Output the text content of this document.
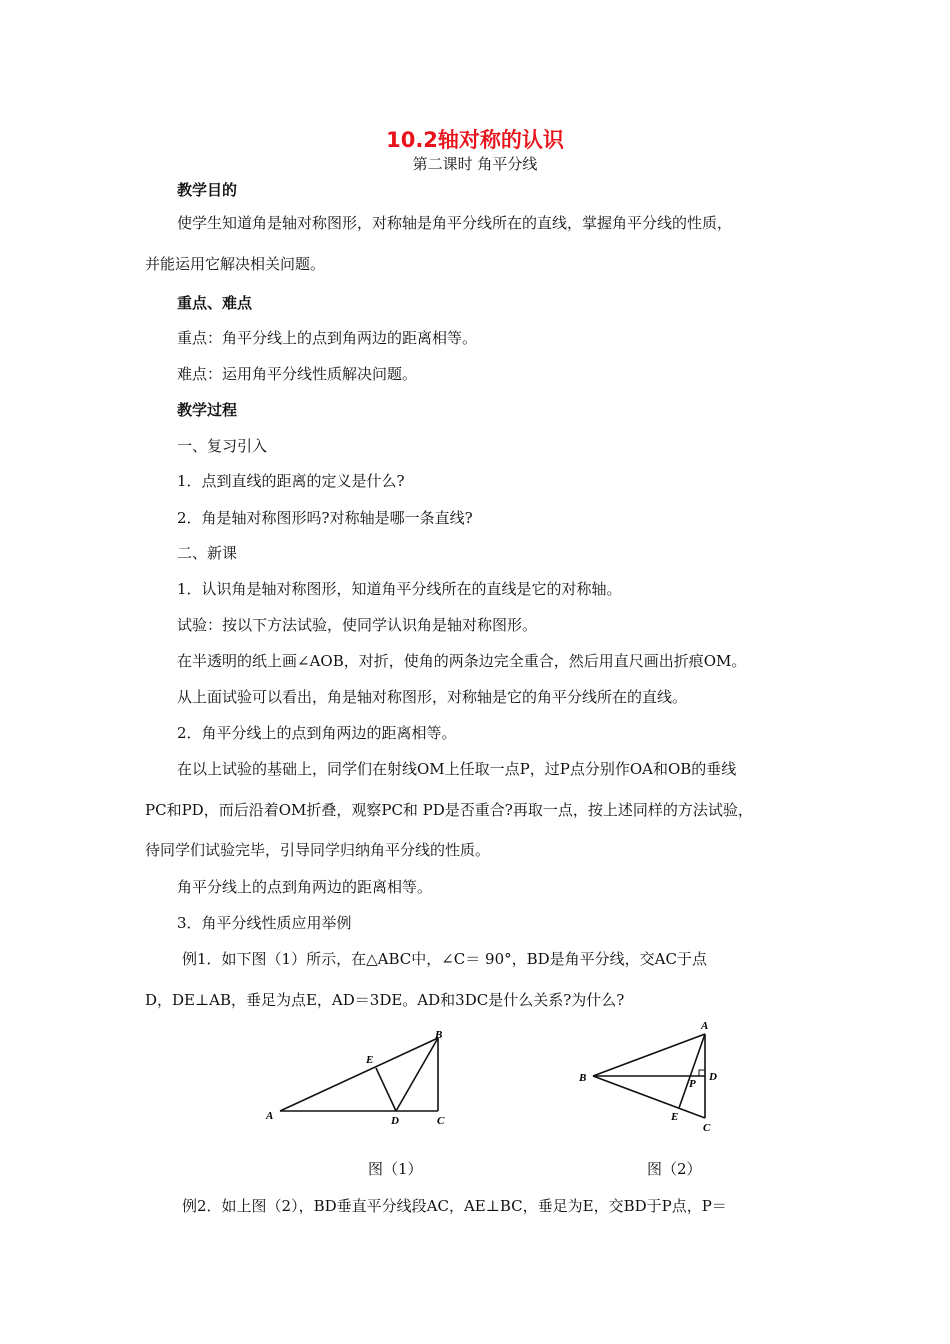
10.2轴对称的认识
第二课时 角平分线
教学目的
使学生知道角是轴对称图形，对称轴是角平分线所在的直线，掌握角平分线的性质，
并能运用它解决相关问题。
重点、难点
重点：角平分线上的点到角两边的距离相等。
难点：运用角平分线性质解决问题。
教学过程
一、复习引入
1．点到直线的距离的定义是什么?
2．角是轴对称图形吗?对称轴是哪一条直线?
二、新课
1．认识角是轴对称图形，知道角平分线所在的直线是它的对称轴。
试验：按以下方法试验，使同学认识角是轴对称图形。
在半透明的纸上画∠AOB，对折，使角的两条边完全重合，然后用直尺画出折痕OM。
从上面试验可以看出，角是轴对称图形，对称轴是它的角平分线所在的直线。
2．角平分线上的点到角两边的距离相等。
在以上试验的基础上，同学们在射线OM上任取一点P，过P点分别作OA和OB的垂线
PC和PD，而后沿着OM折叠，观察PC和 PD是否重合?再取一点，按上述同样的方法试验，
待同学们试验完毕，引导同学归纳角平分线的性质。
角平分线上的点到角两边的距离相等。
3．角平分线性质应用举例
例1．如下图（1）所示，在△ABC中，∠C＝ 90°，BD是角平分线，交AC于点
D，DE⊥AB，垂足为点E，AD＝3DE。AD和3DC是什么关系?为什么?
A
B
C
D
E
A
B
C
D
E
P
图（1）	图（2）
例2．如上图（2），BD垂直平分线段AC，AE⊥BC，垂足为E，交BD于P点，P＝
